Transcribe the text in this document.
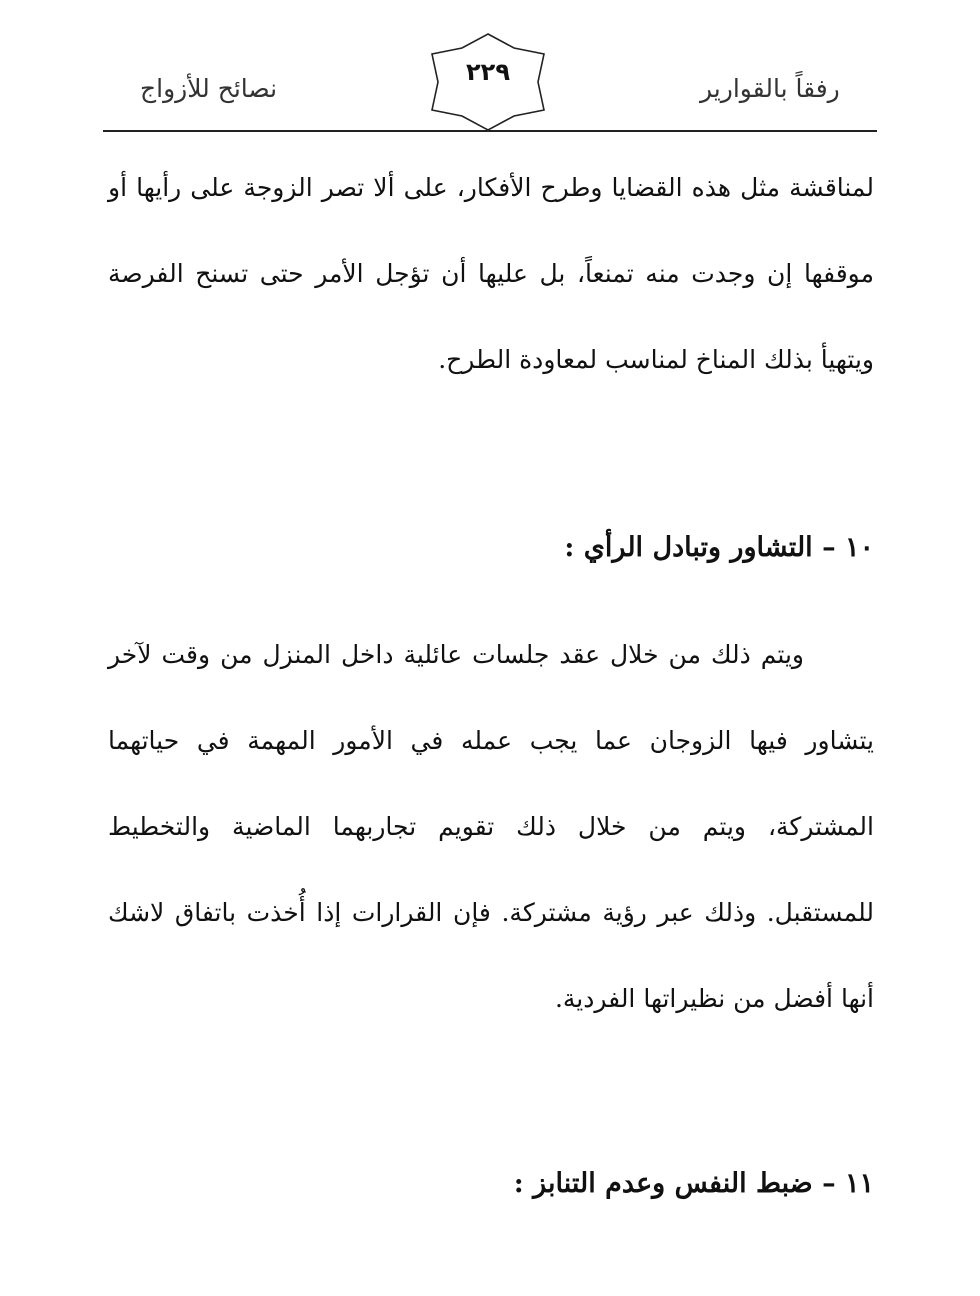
رفقاً بالقوارير
٢٢٩
نصائح للأزواج

لمناقشة مثل هذه القضايا وطرح الأفكار، على ألا تصر الزوجة على رأيها أو موقفها إن وجدت منه تمنعاً، بل عليها أن تؤجل الأمر حتى تسنح الفرصة ويتهيأ بذلك المناخ لمناسب لمعاودة الطرح.

١٠ – التشاور وتبادل الرأي :

ويتم ذلك من خلال عقد جلسات عائلية داخل المنزل من وقت لآخر يتشاور فيها الزوجان عما يجب عمله في الأمور المهمة في حياتهما المشتركة، ويتم من خلال ذلك تقويم تجاربهما الماضية والتخطيط للمستقبل. وذلك عبر رؤية مشتركة. فإن القرارات إذا أُخذت باتفاق لاشك أنها أفضل من نظيراتها الفردية.

١١ – ضبط النفس وعدم التنابز :
